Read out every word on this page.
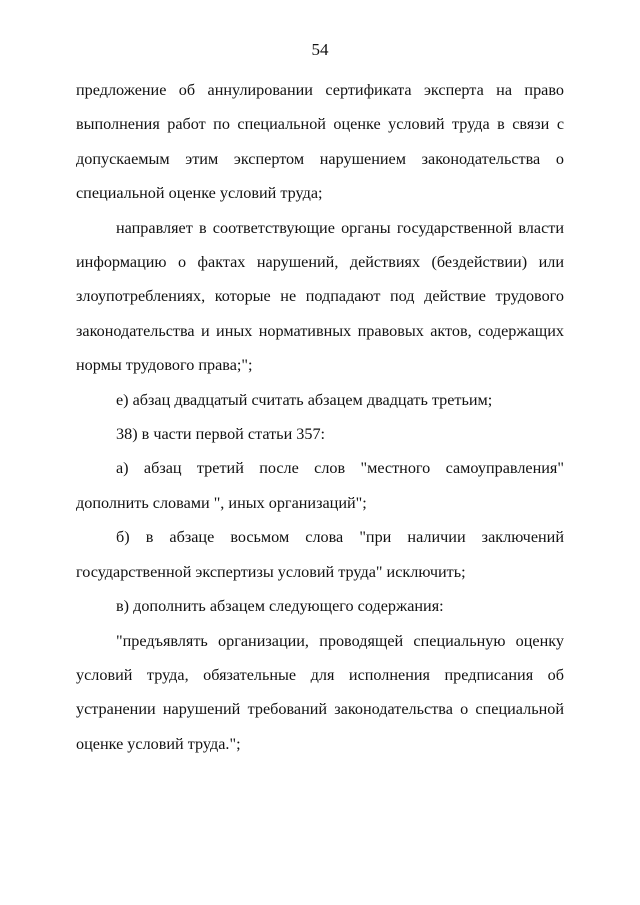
54

предложение об аннулировании сертификата эксперта на право выполнения работ по специальной оценке условий труда в связи с допускаемым этим экспертом нарушением законодательства о специальной оценке условий труда;

направляет в соответствующие органы государственной власти информацию о фактах нарушений, действиях (бездействии) или злоупотреблениях, которые не подпадают под действие трудового законодательства и иных нормативных правовых актов, содержащих нормы трудового права;";

е) абзац двадцатый считать абзацем двадцать третьим;

38) в части первой статьи 357:

а) абзац третий после слов "местного самоуправления" дополнить словами ", иных организаций";

б) в абзаце восьмом слова "при наличии заключений государственной экспертизы условий труда" исключить;

в) дополнить абзацем следующего содержания:

"предъявлять организации, проводящей специальную оценку условий труда, обязательные для исполнения предписания об устранении нарушений требований законодательства о специальной оценке условий труда.";
